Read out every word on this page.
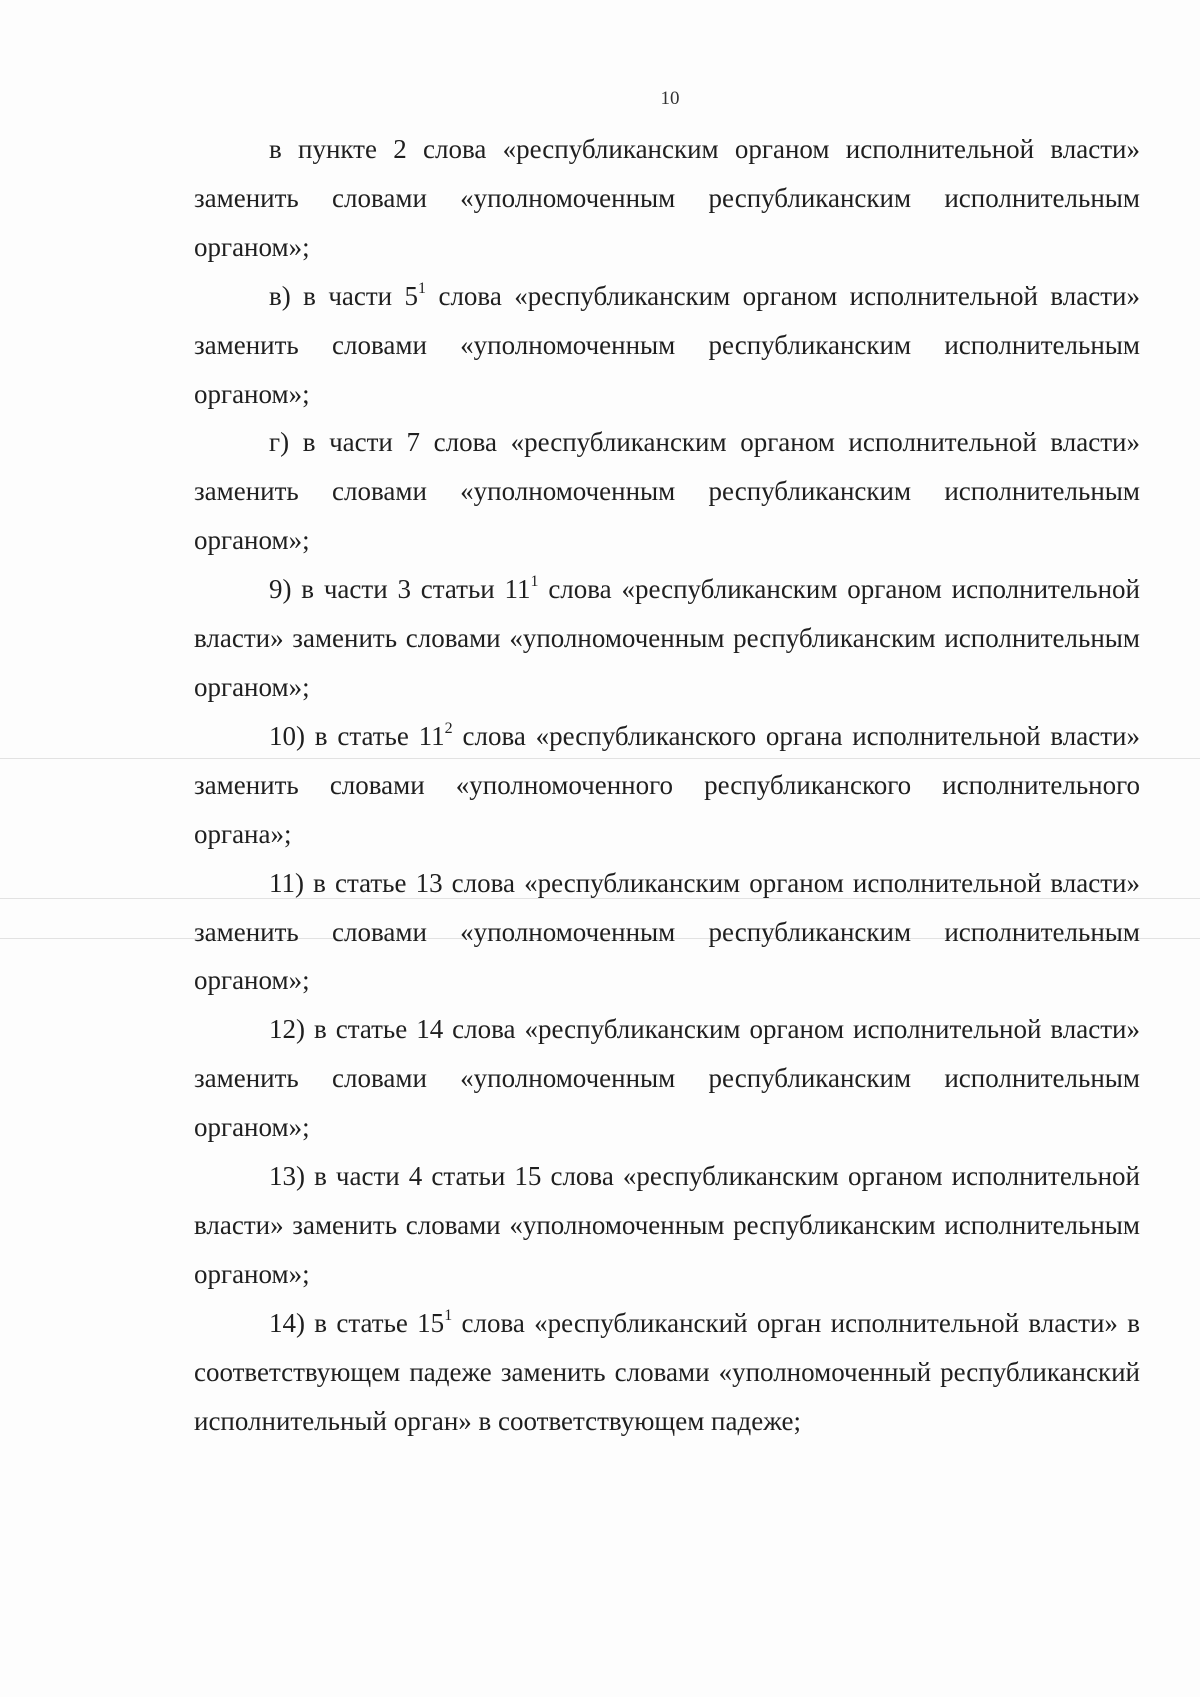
10

в пункте 2 слова «республиканским органом исполнительной власти» заменить словами «уполномоченным республиканским исполнительным органом»;

в) в части $5^1$ слова «республиканским органом исполнительной власти» заменить словами «уполномоченным республиканским исполнительным органом»;

г) в части 7 слова «республиканским органом исполнительной власти» заменить словами «уполномоченным республиканским исполнительным органом»;

9) в части 3 статьи $11^1$ слова «республиканским органом исполнительной власти» заменить словами «уполномоченным республиканским исполнительным органом»;

10) в статье $11^2$ слова «республиканского органа исполнительной власти» заменить словами «уполномоченного республиканского исполнительного органа»;

11) в статье 13 слова «республиканским органом исполнительной власти» заменить словами «уполномоченным республиканским исполнительным органом»;

12) в статье 14 слова «республиканским органом исполнительной власти» заменить словами «уполномоченным республиканским исполнительным органом»;

13) в части 4 статьи 15 слова «республиканским органом исполнительной власти» заменить словами «уполномоченным республиканским исполнительным органом»;

14) в статье $15^1$ слова «республиканский орган исполнительной власти» в соответствующем падеже заменить словами «уполномоченный республиканский исполнительный орган» в соответствующем падеже;
